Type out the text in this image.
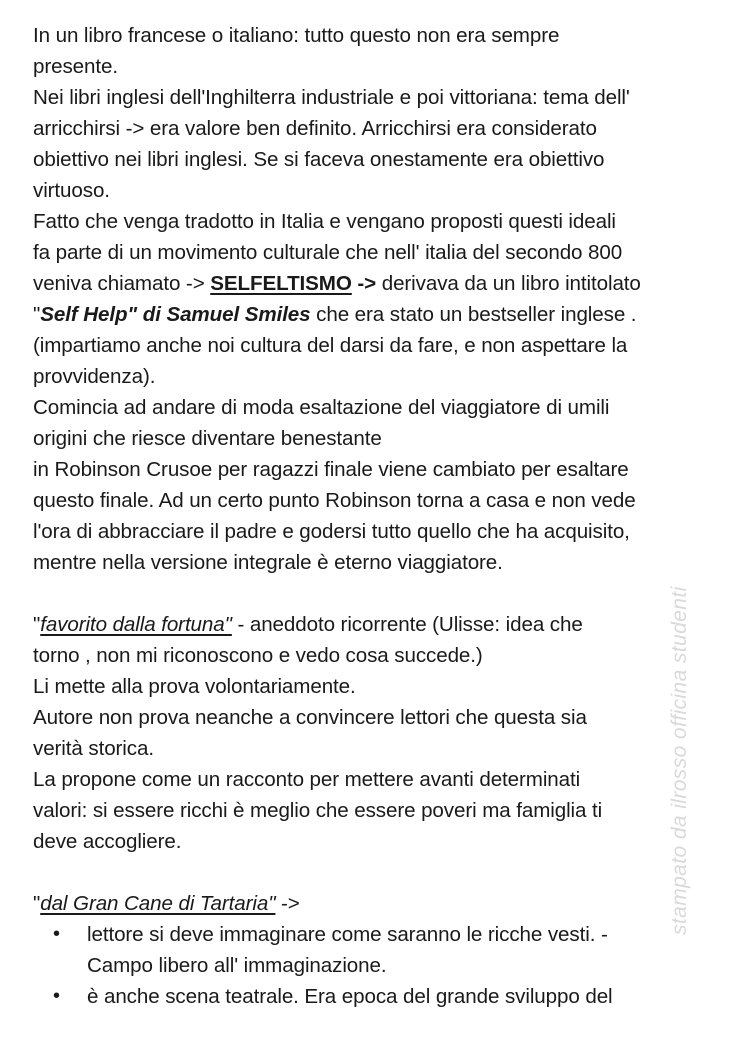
In un libro francese o italiano: tutto questo non era sempre
presente.
Nei libri inglesi dell'Inghilterra industriale e poi vittoriana: tema dell'
arricchirsi -> era valore ben definito. Arricchirsi era considerato
obiettivo nei libri inglesi. Se si faceva onestamente era obiettivo
virtuoso.
Fatto che venga tradotto in Italia e vengano proposti questi ideali
fa parte di un movimento culturale che nell' italia del secondo 800
veniva chiamato -> SELFELTISMO -> derivava da un libro intitolato
"Self Help" di Samuel Smiles che era stato un bestseller inglese .
(impartiamo anche noi cultura del darsi da fare, e non aspettare la
provvidenza).
Comincia ad andare di moda esaltazione del viaggiatore di umili
origini che riesce diventare benestante
in Robinson Crusoe per ragazzi finale viene cambiato per esaltare
questo finale. Ad un certo punto Robinson torna a casa e non vede
l'ora di abbracciare il padre e godersi tutto quello che ha acquisito,
mentre nella versione integrale è eterno viaggiatore.
"favorito dalla fortuna" - aneddoto ricorrente (Ulisse: idea che
torno , non mi riconoscono e vedo cosa succede.)
Li mette alla prova volontariamente.
Autore non prova neanche a convincere lettori che questa sia
verità storica.
La propone come un racconto per mettere avanti determinati
valori: si essere ricchi è meglio che essere poveri ma famiglia ti
deve accogliere.
"dal Gran Cane di Tartaria" ->
• lettore si deve immaginare come saranno le ricche vesti. -
Campo libero all' immaginazione.
• è anche scena teatrale. Era epoca del grande sviluppo del
stampato da ilrosso officina studenti
